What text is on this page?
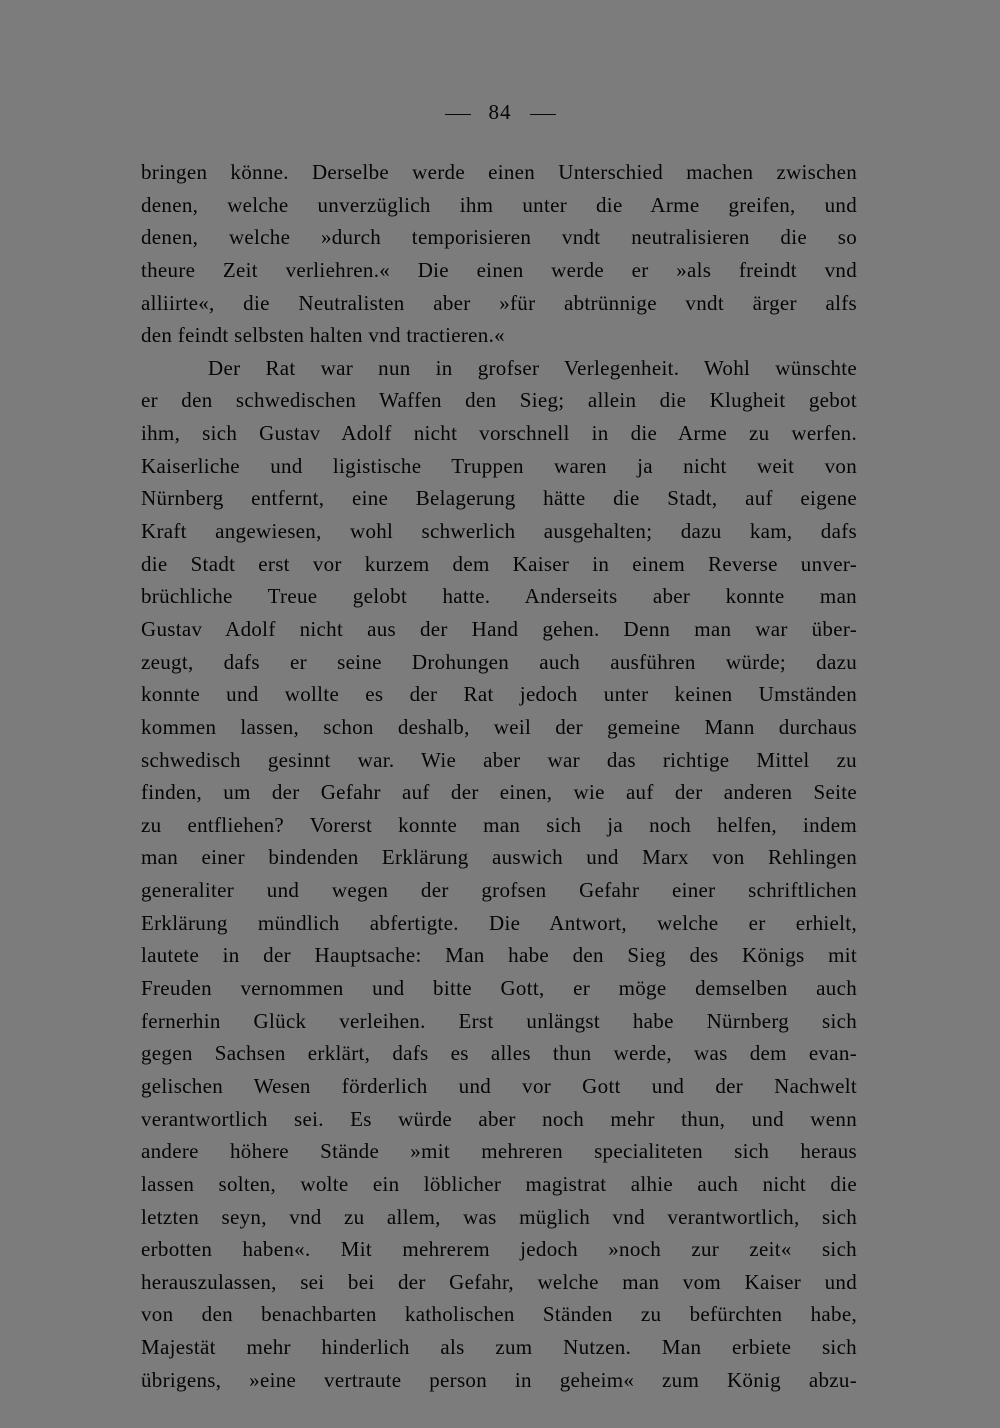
84
bringen könne. Derselbe werde einen Unterschied machen zwischen
denen, welche unverzüglich ihm unter die Arme greifen, und
denen, welche »durch temporisieren vndt neutralisieren die so
theure Zeit verliehren.« Die einen werde er »als freindt vnd
alliirte«, die Neutralisten aber »für abtrünnige vndt ärger alfs
den feindt selbsten halten vnd tractieren.«
Der Rat war nun in grofser Verlegenheit. Wohl wünschte
er den schwedischen Waffen den Sieg; allein die Klugheit gebot
ihm, sich Gustav Adolf nicht vorschnell in die Arme zu werfen.
Kaiserliche und ligistische Truppen waren ja nicht weit von
Nürnberg entfernt, eine Belagerung hätte die Stadt, auf eigene
Kraft angewiesen, wohl schwerlich ausgehalten; dazu kam, dafs
die Stadt erst vor kurzem dem Kaiser in einem Reverse unver-
brüchliche Treue gelobt hatte. Anderseits aber konnte man
Gustav Adolf nicht aus der Hand gehen. Denn man war über-
zeugt, dafs er seine Drohungen auch ausführen würde; dazu
konnte und wollte es der Rat jedoch unter keinen Umständen
kommen lassen, schon deshalb, weil der gemeine Mann durchaus
schwedisch gesinnt war. Wie aber war das richtige Mittel zu
finden, um der Gefahr auf der einen, wie auf der anderen Seite
zu entfliehen? Vorerst konnte man sich ja noch helfen, indem
man einer bindenden Erklärung auswich und Marx von Rehlingen
generaliter und wegen der grofsen Gefahr einer schriftlichen
Erklärung mündlich abfertigte. Die Antwort, welche er erhielt,
lautete in der Hauptsache: Man habe den Sieg des Königs mit
Freuden vernommen und bitte Gott, er möge demselben auch
fernerhin Glück verleihen. Erst unlängst habe Nürnberg sich
gegen Sachsen erklärt, dafs es alles thun werde, was dem evan-
gelischen Wesen förderlich und vor Gott und der Nachwelt
verantwortlich sei. Es würde aber noch mehr thun, und wenn
andere höhere Stände »mit mehreren specialiteten sich heraus
lassen solten, wolte ein löblicher magistrat alhie auch nicht die
letzten seyn, vnd zu allem, was müglich vnd verantwortlich, sich
erbotten haben«. Mit mehrerem jedoch »noch zur zeit« sich
herauszulassen, sei bei der Gefahr, welche man vom Kaiser und
von den benachbarten katholischen Ständen zu befürchten habe,
Majestät mehr hinderlich als zum Nutzen. Man erbiete sich
übrigens, »eine vertraute person in geheim« zum König abzu-
